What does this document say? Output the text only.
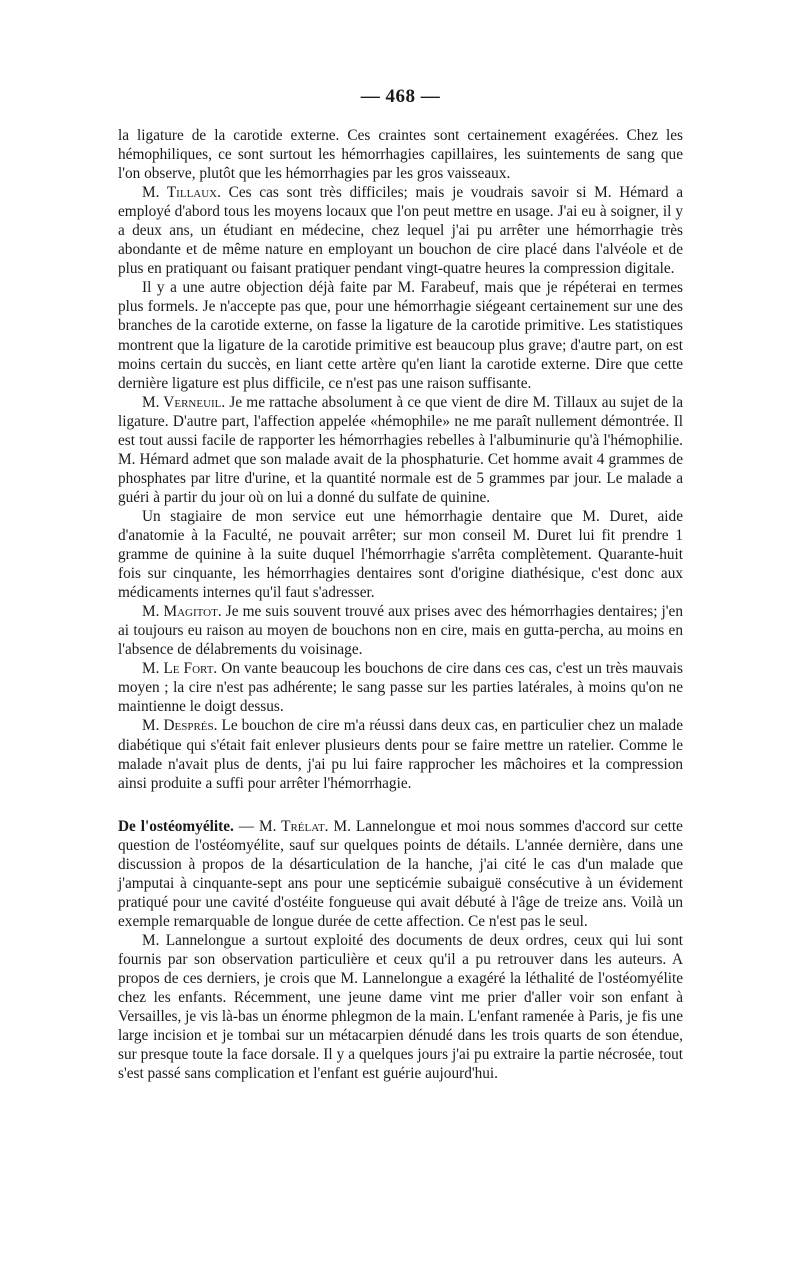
— 468 —

la ligature de la carotide externe. Ces craintes sont certainement exagérées. Chez les hémophiliques, ce sont surtout les hémorrhagies capillaires, les suintements de sang que l'on observe, plutôt que les hémorrhagies par les gros vaisseaux.

M. Tillaux. Ces cas sont très difficiles; mais je voudrais savoir si M. Hémard a employé d'abord tous les moyens locaux que l'on peut mettre en usage. J'ai eu à soigner, il y a deux ans, un étudiant en médecine, chez lequel j'ai pu arrêter une hémorrhagie très abondante et de même nature en employant un bouchon de cire placé dans l'alvéole et de plus en pratiquant ou faisant pratiquer pendant vingt-quatre heures la compression digitale.

Il y a une autre objection déjà faite par M. Farabeuf, mais que je répéterai en termes plus formels. Je n'accepte pas que, pour une hémorrhagie siégeant certainement sur une des branches de la carotide externe, on fasse la ligature de la carotide primitive. Les statistiques montrent que la ligature de la carotide primitive est beaucoup plus grave; d'autre part, on est moins certain du succès, en liant cette artère qu'en liant la carotide externe. Dire que cette dernière ligature est plus difficile, ce n'est pas une raison suffisante.

M. Verneuil. Je me rattache absolument à ce que vient de dire M. Tillaux au sujet de la ligature. D'autre part, l'affection appelée «hémophile» ne me paraît nullement démontrée. Il est tout aussi facile de rapporter les hémorrhagies rebelles à l'albuminurie qu'à l'hémophilie. M. Hémard admet que son malade avait de la phosphaturie. Cet homme avait 4 grammes de phosphates par litre d'urine, et la quantité normale est de 5 grammes par jour. Le malade a guéri à partir du jour où on lui a donné du sulfate de quinine.

Un stagiaire de mon service eut une hémorrhagie dentaire que M. Duret, aide d'anatomie à la Faculté, ne pouvait arrêter; sur mon conseil M. Duret lui fit prendre 1 gramme de quinine à la suite duquel l'hémorrhagie s'arrêta complètement. Quarante-huit fois sur cinquante, les hémorrhagies dentaires sont d'origine diathésique, c'est donc aux médicaments internes qu'il faut s'adresser.

M. Magitot. Je me suis souvent trouvé aux prises avec des hémorrhagies dentaires; j'en ai toujours eu raison au moyen de bouchons non en cire, mais en gutta-percha, au moins en l'absence de délabrements du voisinage.

M. Le Fort. On vante beaucoup les bouchons de cire dans ces cas, c'est un très mauvais moyen ; la cire n'est pas adhérente; le sang passe sur les parties latérales, à moins qu'on ne maintienne le doigt dessus.

M. Després. Le bouchon de cire m'a réussi dans deux cas, en particulier chez un malade diabétique qui s'était fait enlever plusieurs dents pour se faire mettre un ratelier. Comme le malade n'avait plus de dents, j'ai pu lui faire rapprocher les mâchoires et la compression ainsi produite a suffi pour arrêter l'hémorrhagie.

De l'ostéomyélite. — M. Trélat. M. Lannelongue et moi nous sommes d'accord sur cette question de l'ostéomyélite, sauf sur quelques points de détails. L'année dernière, dans une discussion à propos de la désarticulation de la hanche, j'ai cité le cas d'un malade que j'amputai à cinquante-sept ans pour une septicémie subaiguë consécutive à un évidement pratiqué pour une cavité d'ostéite fongueuse qui avait débuté à l'âge de treize ans. Voilà un exemple remarquable de longue durée de cette affection. Ce n'est pas le seul.

M. Lannelongue a surtout exploité des documents de deux ordres, ceux qui lui sont fournis par son observation particulière et ceux qu'il a pu retrouver dans les auteurs. A propos de ces derniers, je crois que M. Lannelongue a exagéré la léthalité de l'ostéomyélite chez les enfants. Récemment, une jeune dame vint me prier d'aller voir son enfant à Versailles, je vis là-bas un énorme phlegmon de la main. L'enfant ramenée à Paris, je fis une large incision et je tombai sur un métacarpien dénudé dans les trois quarts de son étendue, sur presque toute la face dorsale. Il y a quelques jours j'ai pu extraire la partie nécrosée, tout s'est passé sans complication et l'enfant est guérie aujourd'hui.
